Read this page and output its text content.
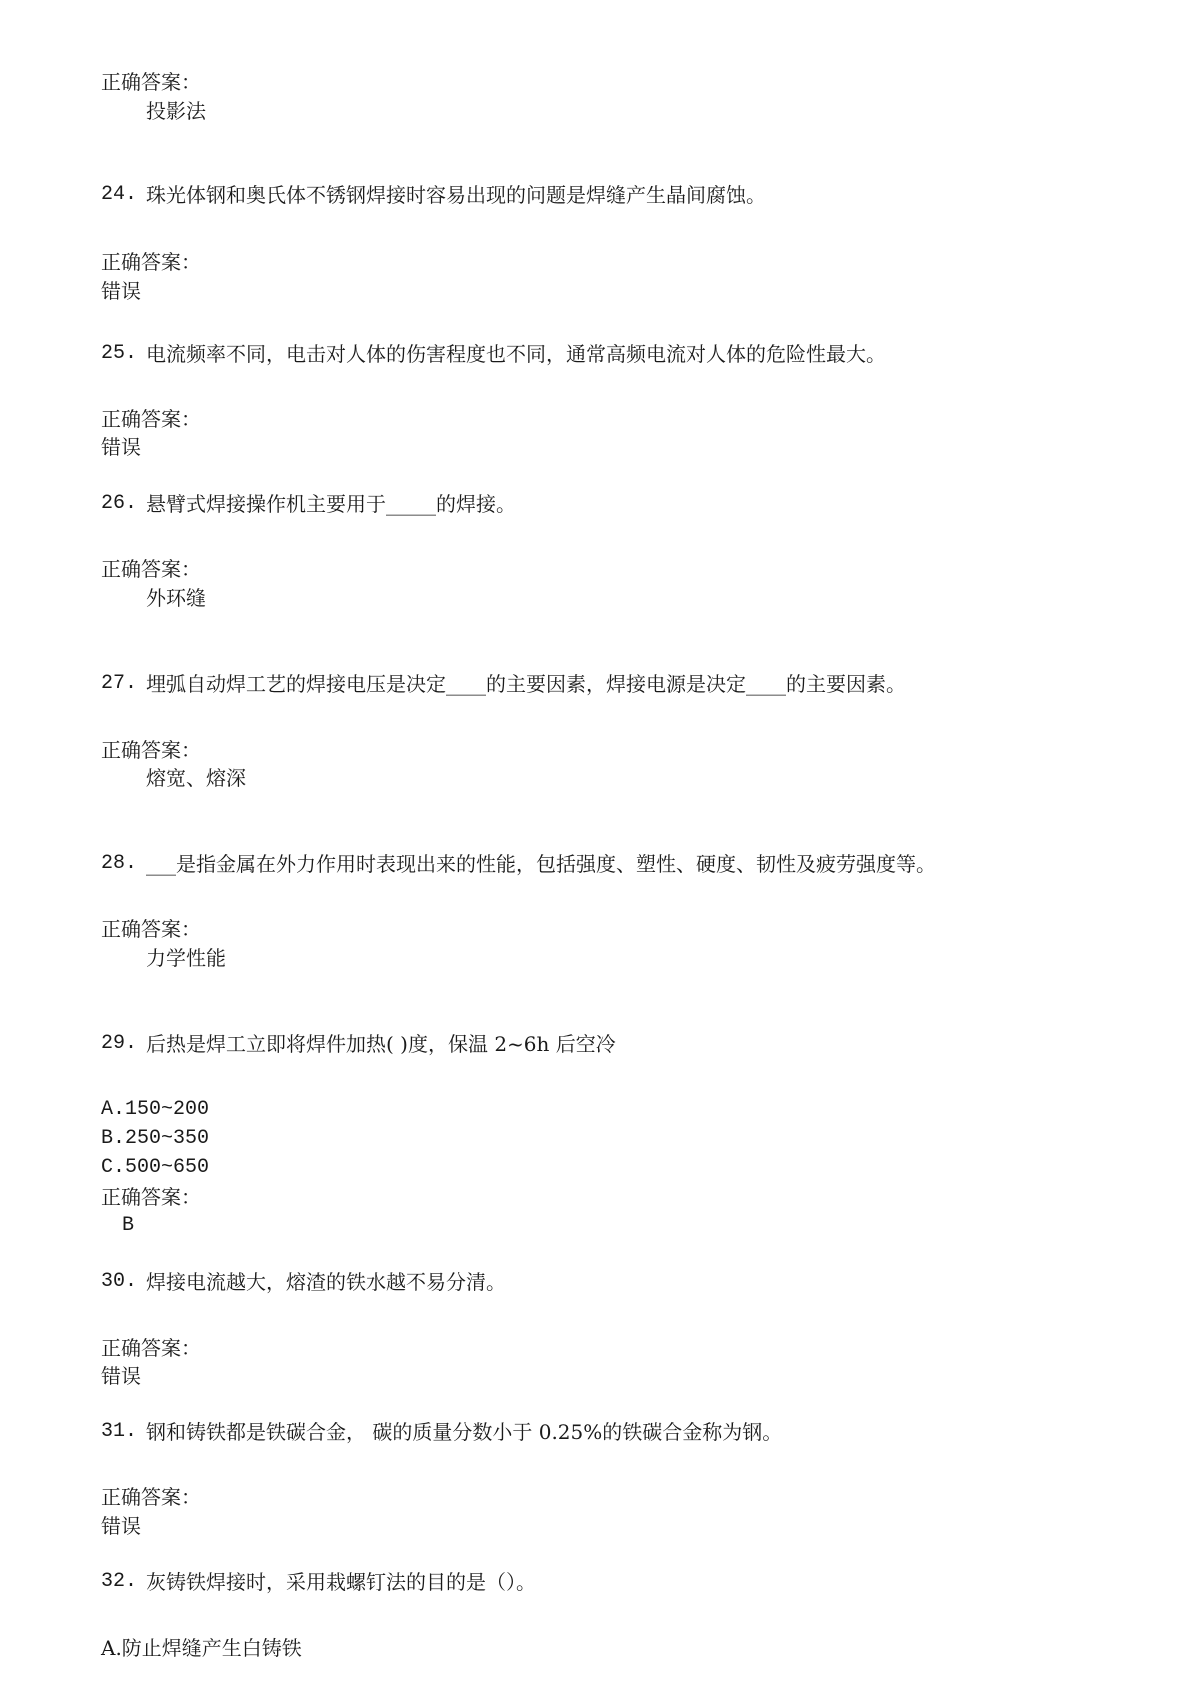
正确答案：
投影法
24. 珠光体钢和奥氏体不锈钢焊接时容易出现的问题是焊缝产生晶间腐蚀。
正确答案：
错误
25. 电流频率不同，电击对人体的伤害程度也不同，通常高频电流对人体的危险性最大。
正确答案：
错误
26. 悬臂式焊接操作机主要用于_____的焊接。
正确答案：
外环缝
27. 埋弧自动焊工艺的焊接电压是决定____的主要因素，焊接电源是决定____的主要因素。
正确答案：
熔宽、熔深
28. ___是指金属在外力作用时表现出来的性能，包括强度、塑性、硬度、韧性及疲劳强度等。
正确答案：
力学性能
29. 后热是焊工立即将焊件加热( )度，保温 2~6h 后空冷
A.150~200
B.250~350
C.500~650
正确答案：
B
30. 焊接电流越大，熔渣的铁水越不易分清。
正确答案：
错误
31. 钢和铸铁都是铁碳合金， 碳的质量分数小于 0.25%的铁碳合金称为钢。
正确答案：
错误
32. 灰铸铁焊接时，采用栽螺钉法的目的是（）。
A.防止焊缝产生白铸铁
